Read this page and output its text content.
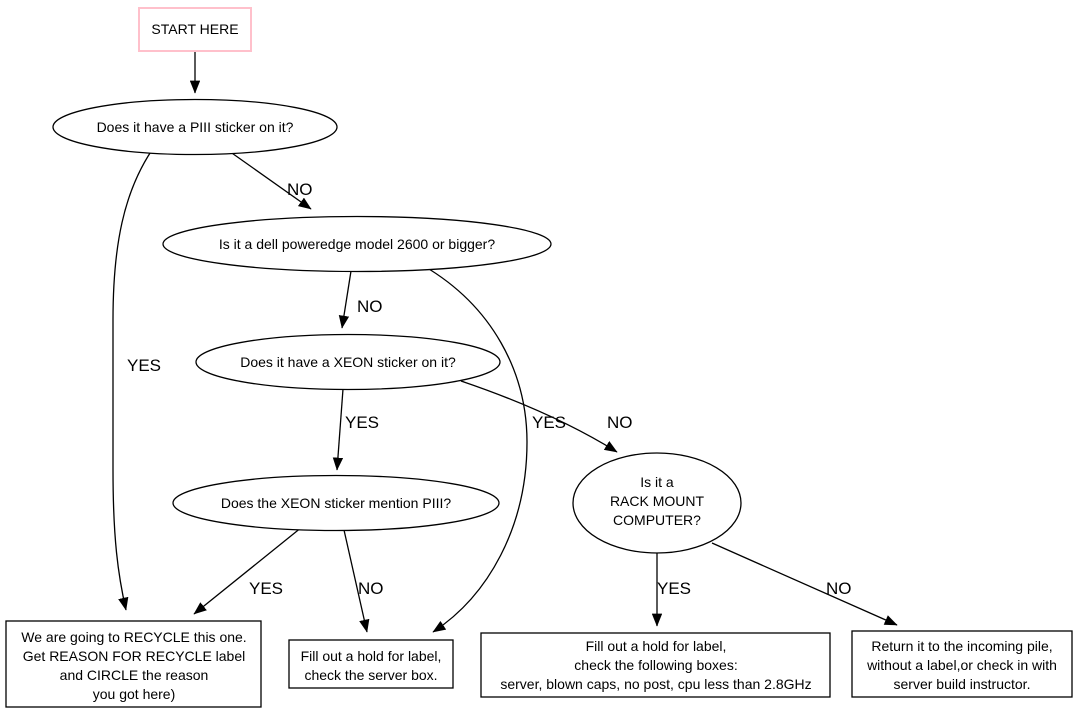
NO
YES
NO
YES	YES NO
YES	NO	YES	NO
START HERE
Does it have a PIII sticker on it?
Is it a dell poweredge model 2600 or bigger?
Does it have a XEON sticker on it?
Does the XEON sticker mention PIII?
Is it a
RACK MOUNT
COMPUTER?
We are going to RECYCLE this one.
Get REASON FOR RECYCLE label
and CIRCLE the reason
you got here)
Fill out a hold for label,
check the server box.
Fill out a hold for label,
check the following boxes:
server, blown caps, no post, cpu less than 2.8GHz
Return it to the incoming pile,
without a label,or check in with
server build instructor.
